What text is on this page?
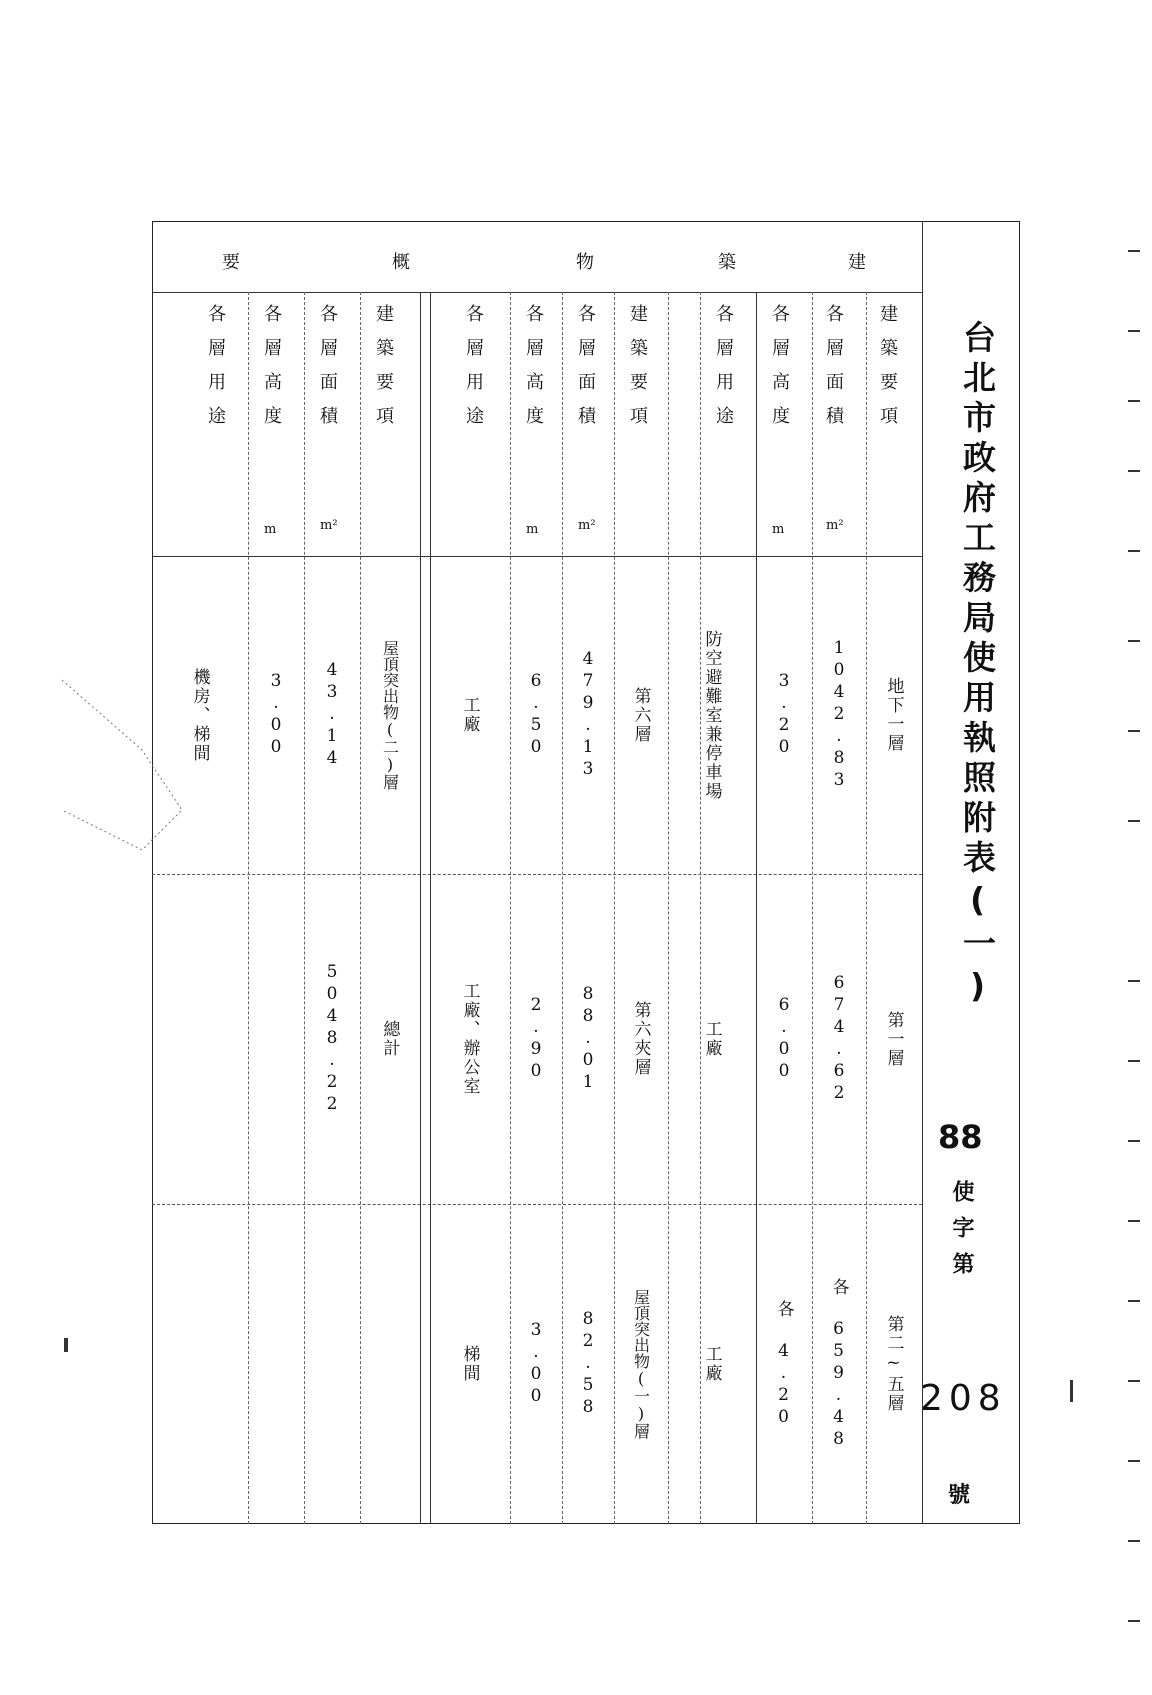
台北市政府工務局使用執照附表(一)
88
使字第
208
號
建
築
物
概
要
建築要項
各層面積
m²
各層高度
m
各層用途
地下一層
第一層
第二~五層
1042.83
674.62
各 659.48
3.20
6.00
各 4.20
防空避難室兼停車場
工廠
工廠
建築要項
各層面積
m²
各層高度
m
各層用途
第六層
第六夾層
屋頂突出物(一)層
479.13
88.01
82.58
6.50
2.90
3.00
工廠
工廠、辦公室
梯間
建築要項
各層面積
m²
各層高度
m
各層用途
屋頂突出物(二)層
總計
43.14
5048.22
3.00
機房、梯間
